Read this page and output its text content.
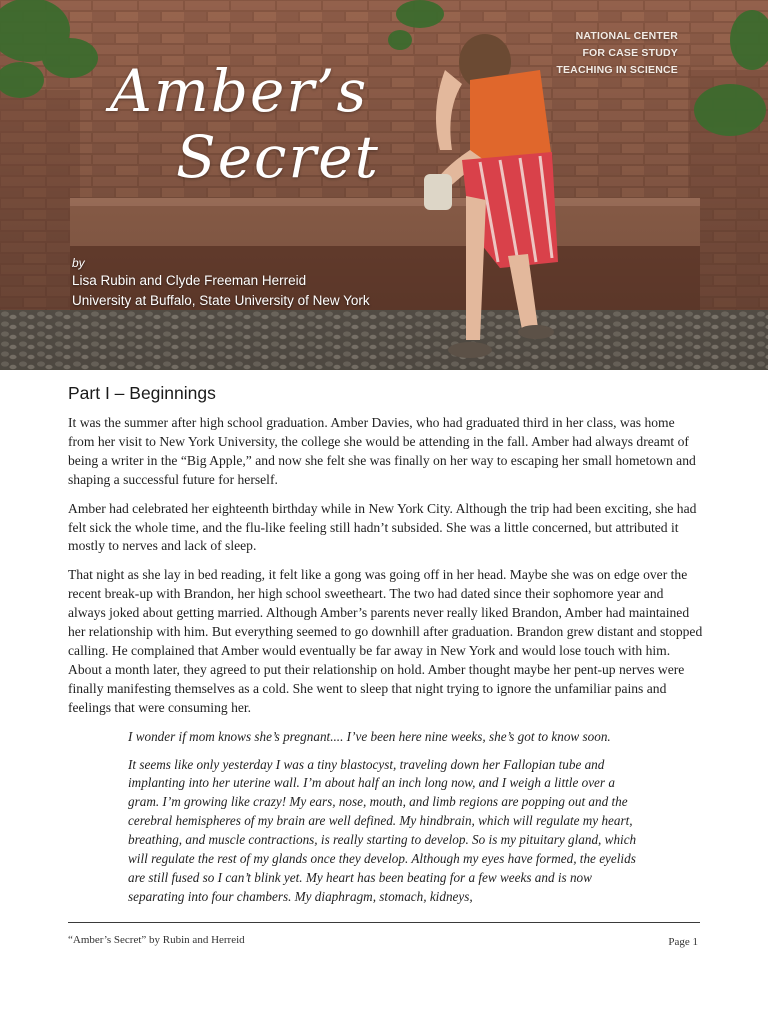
Amber’s
Secret
NATIONAL CENTER
FOR CASE STUDY
TEACHING IN SCIENCE
by
Lisa Rubin and Clyde Freeman Herreid
University at Buffalo, State University of New York
Part I – Beginnings

It was the summer after high school graduation. Amber Davies, who had graduated third in her class, was home from her visit to New York University, the college she would be attending in the fall. Amber had always dreamt of being a writer in the “Big Apple,” and now she felt she was finally on her way to escaping her small hometown and shaping a successful future for herself.

Amber had celebrated her eighteenth birthday while in New York City. Although the trip had been exciting, she had felt sick the whole time, and the flu-like feeling still hadn’t subsided. She was a little concerned, but attributed it mostly to nerves and lack of sleep.

That night as she lay in bed reading, it felt like a gong was going off in her head. Maybe she was on edge over the recent break-up with Brandon, her high school sweetheart. The two had dated since their sophomore year and always joked about getting married. Although Amber’s parents never really liked Brandon, Amber had maintained her relationship with him. But everything seemed to go downhill after graduation. Brandon grew distant and stopped calling. He complained that Amber would eventually be far away in New York and would lose touch with him. About a month later, they agreed to put their relationship on hold. Amber thought maybe her pent-up nerves were finally manifesting themselves as a cold. She went to sleep that night trying to ignore the unfamiliar pains and feelings that were consuming her.

I wonder if mom knows she’s pregnant.... I’ve been here nine weeks, she’s got to know soon.

It seems like only yesterday I was a tiny blastocyst, traveling down her Fallopian tube and implanting into her uterine wall. I’m about half an inch long now, and I weigh a little over a gram. I’m growing like crazy! My ears, nose, mouth, and limb regions are popping out and the cerebral hemispheres of my brain are well defined. My hindbrain, which will regulate my heart, breathing, and muscle contractions, is really starting to develop. So is my pituitary gland, which will regulate the rest of my glands once they develop. Although my eyes have formed, the eyelids are still fused so I can’t blink yet. My heart has been beating for a few weeks and is now separating into four chambers. My diaphragm, stomach, kidneys,

“Amber’s Secret” by Rubin and Herreid	Page 1
